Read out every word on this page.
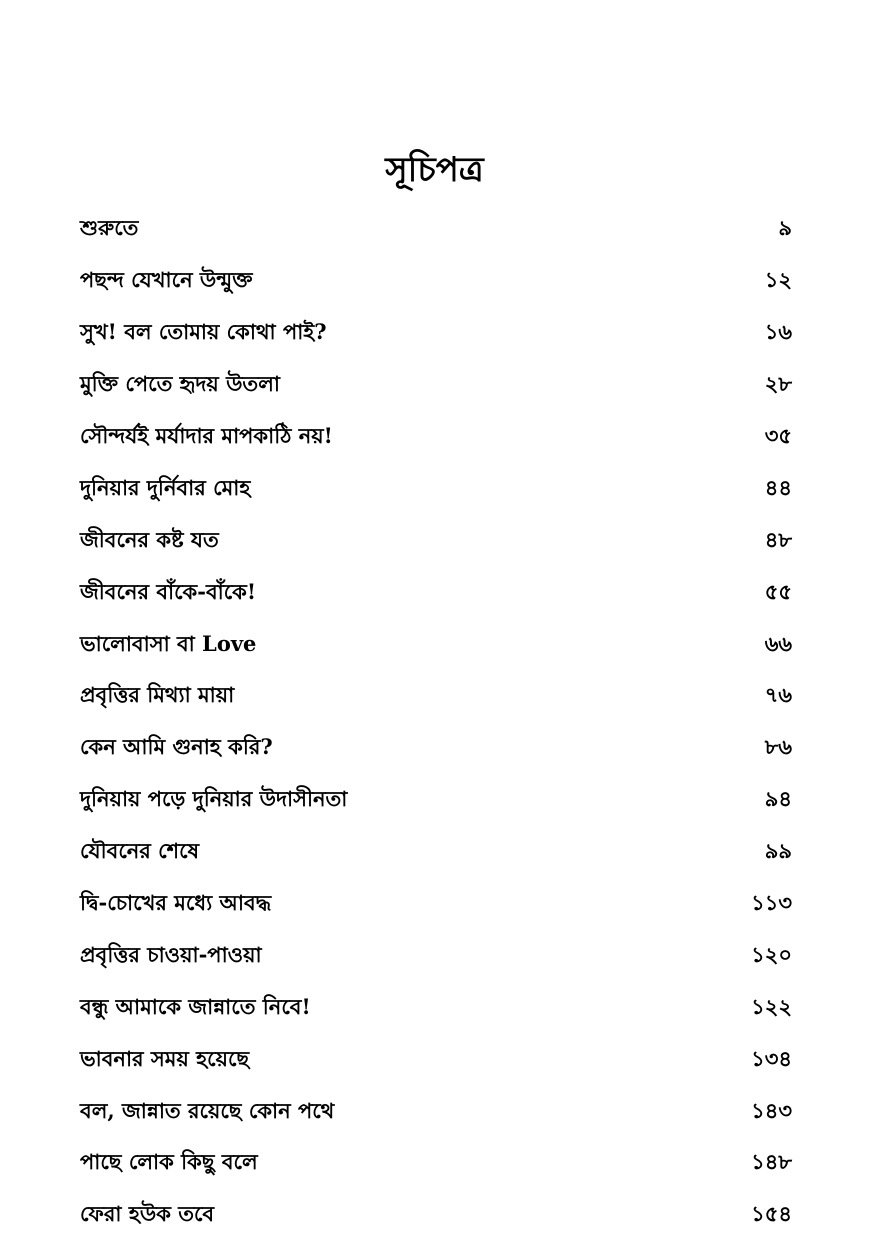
সূচিপত্র
শুরুতে	৯
পছন্দ যেখানে উন্মুক্ত	১২
সুখ! বল তোমায় কোথা পাই?	১৬
মুক্তি পেতে হৃদয় উতলা	২৮
সৌন্দর্যই মর্যাদার মাপকাঠি নয়!	৩৫
দুনিয়ার দুর্নিবার মোহ	৪৪
জীবনের কষ্ট যত	৪৮
জীবনের বাঁকে-বাঁকে!	৫৫
ভালোবাসা বা Love	৬৬
প্রবৃত্তির মিথ্যা মায়া	৭৬
কেন আমি গুনাহ করি?	৮৬
দুনিয়ায় পড়ে দুনিয়ার উদাসীনতা	৯৪
যৌবনের শেষে	৯৯
দ্বি-চোখের মধ্যে আবদ্ধ	১১৩
প্রবৃত্তির চাওয়া-পাওয়া	১২০
বন্ধু আমাকে জান্নাতে নিবে!	১২২
ভাবনার সময় হয়েছে	১৩৪
বল, জান্নাত রয়েছে কোন পথে	১৪৩
পাছে লোক কিছু বলে	১৪৮
ফেরা হউক তবে	১৫৪
